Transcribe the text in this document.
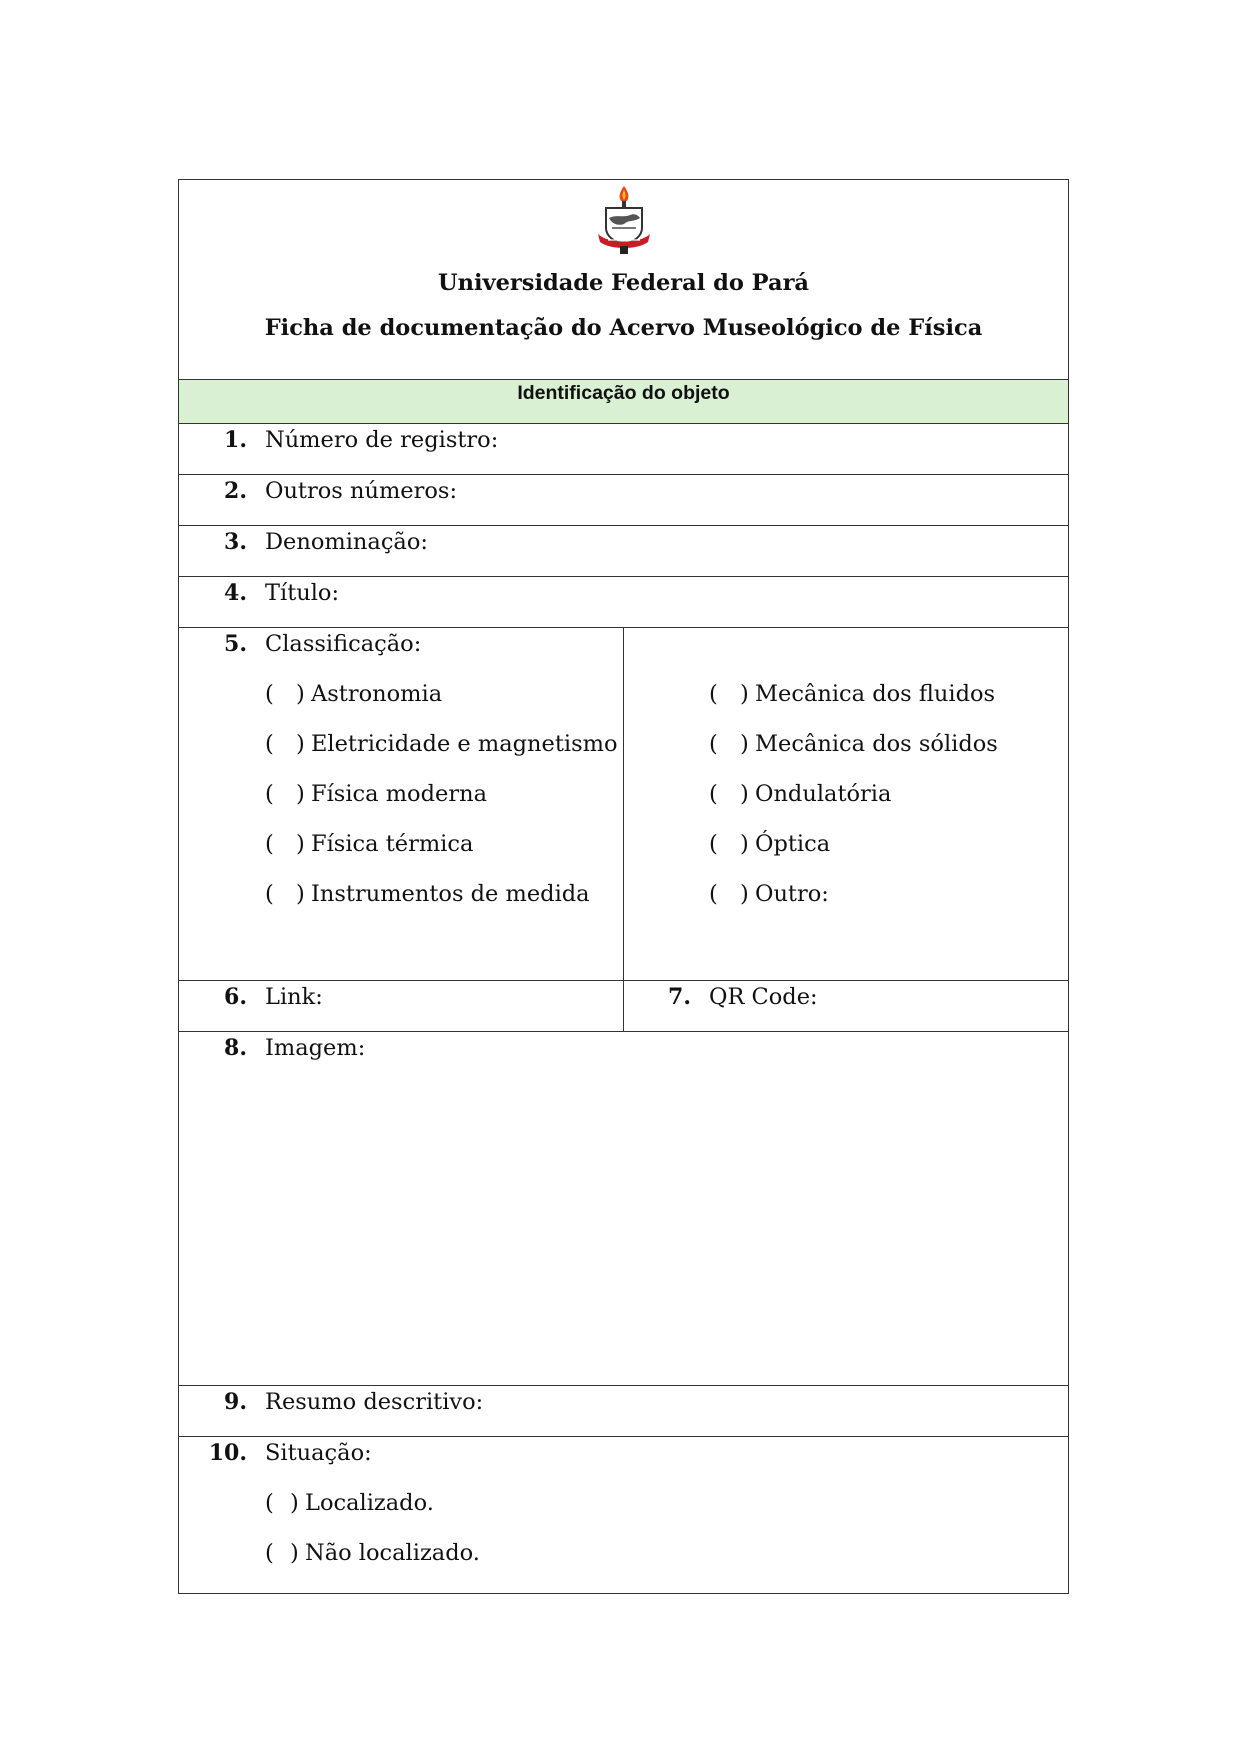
Universidade Federal do Pará
Ficha de documentação do Acervo Museológico de Física
Identificação do objeto
1. Número de registro:
2. Outros números:
3. Denominação:
4. Título:
5. Classificação:
( ) Astronomia
( ) Eletricidade e magnetismo
( ) Física moderna
( ) Física térmica
( ) Instrumentos de medida
( ) Mecânica dos fluidos
( ) Mecânica dos sólidos
( ) Ondulatória
( ) Óptica
( ) Outro:
6. Link:	7. QR Code:
8. Imagem:
9. Resumo descritivo:
10. Situação:
( ) Localizado.
( ) Não localizado.
